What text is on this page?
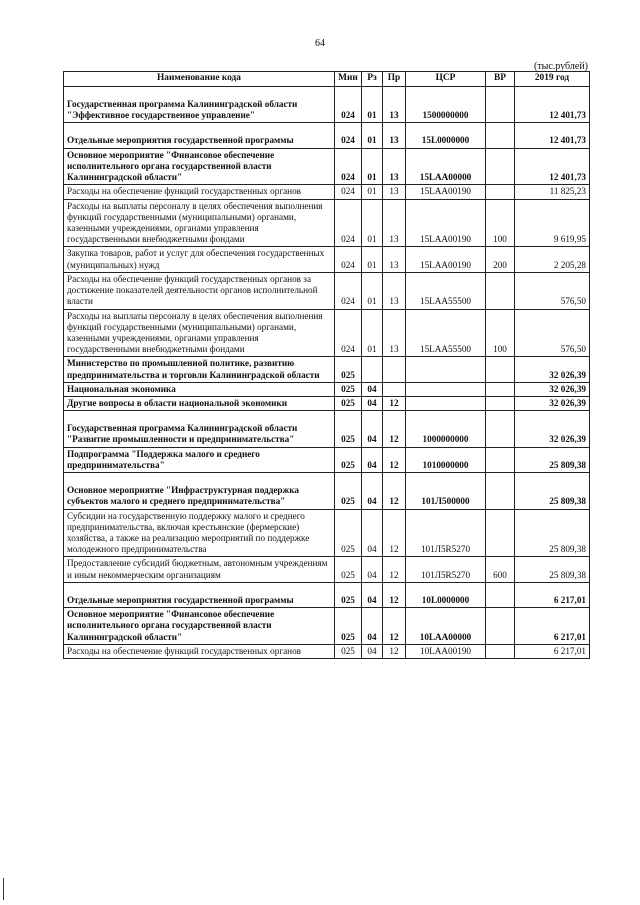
64
(тыс.рублей)
Наименование кода	Мин	Рз	Пр	ЦСР	ВР	2019 год

Государственная программа Калининградской области "Эффективное государственное управление"	024	01	13	1500000000		12 401,73

Отдельные мероприятия государственной программы	024	01	13	15L0000000		12 401,73
Основное мероприятие "Финансовое обеспечение исполнительного органа государственной власти Калининградской области"	024	01	13	15LAA00000		12 401,73
Расходы на обеспечение функций государственных органов	024	01	13	15LAA00190		11 825,23
Расходы на выплаты персоналу в целях обеспечения выполнения функций государственными (муниципальными) органами, казенными учреждениями, органами управления государственными внебюджетными фондами	024	01	13	15LAA00190	100	9 619,95
Закупка товаров, работ и услуг для обеспечения государственных (муниципальных) нужд	024	01	13	15LAA00190	200	2 205,28
Расходы на обеспечение функций государственных органов за достижение показателей деятельности органов исполнительной власти	024	01	13	15LAA55500		576,50
Расходы на выплаты персоналу в целях обеспечения выполнения функций государственными (муниципальными) органами, казенными учреждениями, органами управления государственными внебюджетными фондами	024	01	13	15LAA55500	100	576,50
Министерство по промышленной политике, развитию предпринимательства и торговли Калининградской области	025					32 026,39
Национальная экономика	025	04				32 026,39
Другие вопросы в области национальной экономики	025	04	12			32 026,39

Государственная программа Калининградской области "Развитие промышленности и предпринимательства"	025	04	12	1000000000		32 026,39
Подпрограмма "Поддержка малого и среднего предпринимательства"	025	04	12	1010000000		25 809,38

Основное мероприятие "Инфраструктурная поддержка субъектов малого и среднего предпринимательства"	025	04	12	101Л500000		25 809,38
Субсидии на государственную поддержку малого и среднего предпринимательства, включая крестьянские (фермерские) хозяйства, а также на реализацию мероприятий по поддержке молодежного предпринимательства	025	04	12	101Л5R5270		25 809,38
Предоставление субсидий бюджетным, автономным учреждениям и иным некоммерческим организациям	025	04	12	101Л5R5270	600	25 809,38

Отдельные мероприятия государственной программы	025	04	12	10L0000000		6 217,01
Основное мероприятие "Финансовое обеспечение исполнительного органа государственной власти Калининградской области"	025	04	12	10LAA00000		6 217,01
Расходы на обеспечение функций государственных органов	025	04	12	10LAA00190		6 217,01
